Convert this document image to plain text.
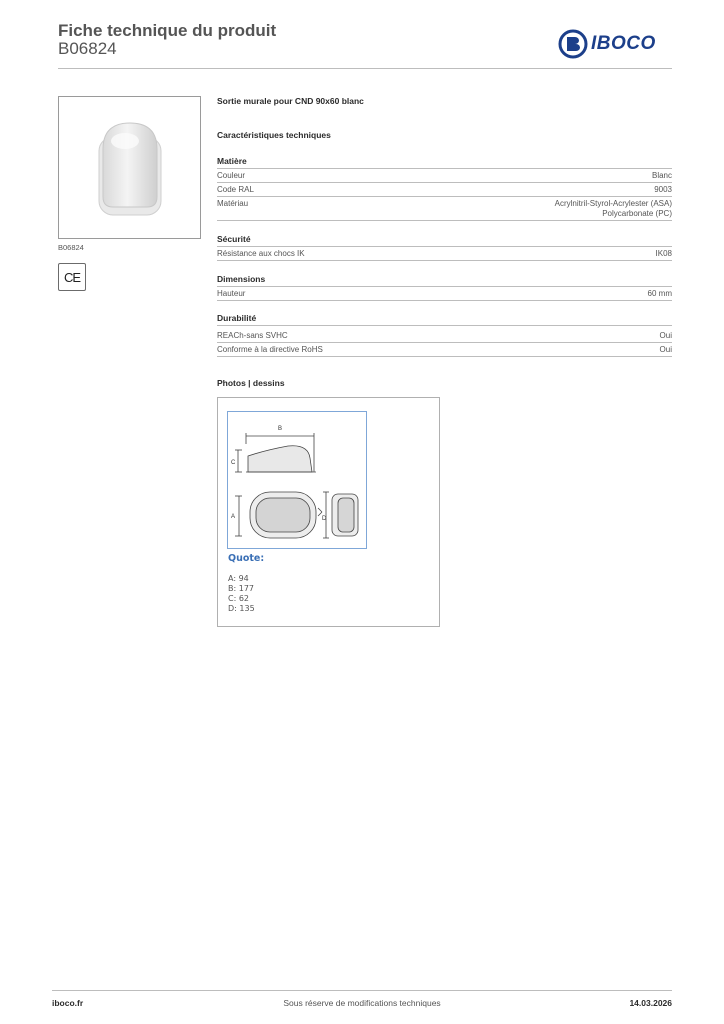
Fiche technique du produit
B06824	IBOCO
B06824
CE
Sortie murale pour CND 90x60 blanc
Caractéristiques techniques
Matière
Couleur	Blanc
Code RAL	9003
Matériau	Acrylnitril-Styrol-Acrylester (ASA)
Polycarbonate (PC)
Sécurité
Résistance aux chocs IK	IK08
Dimensions
Hauteur	60 mm
Durabilité
REACh-sans SVHC	Oui
Conforme à la directive RoHS	Oui
Photos | dessins
B
C
A	D
Quote:
A: 94
B: 177
C: 62
D: 135
iboco.fr	Sous réserve de modifications techniques	14.03.2026
